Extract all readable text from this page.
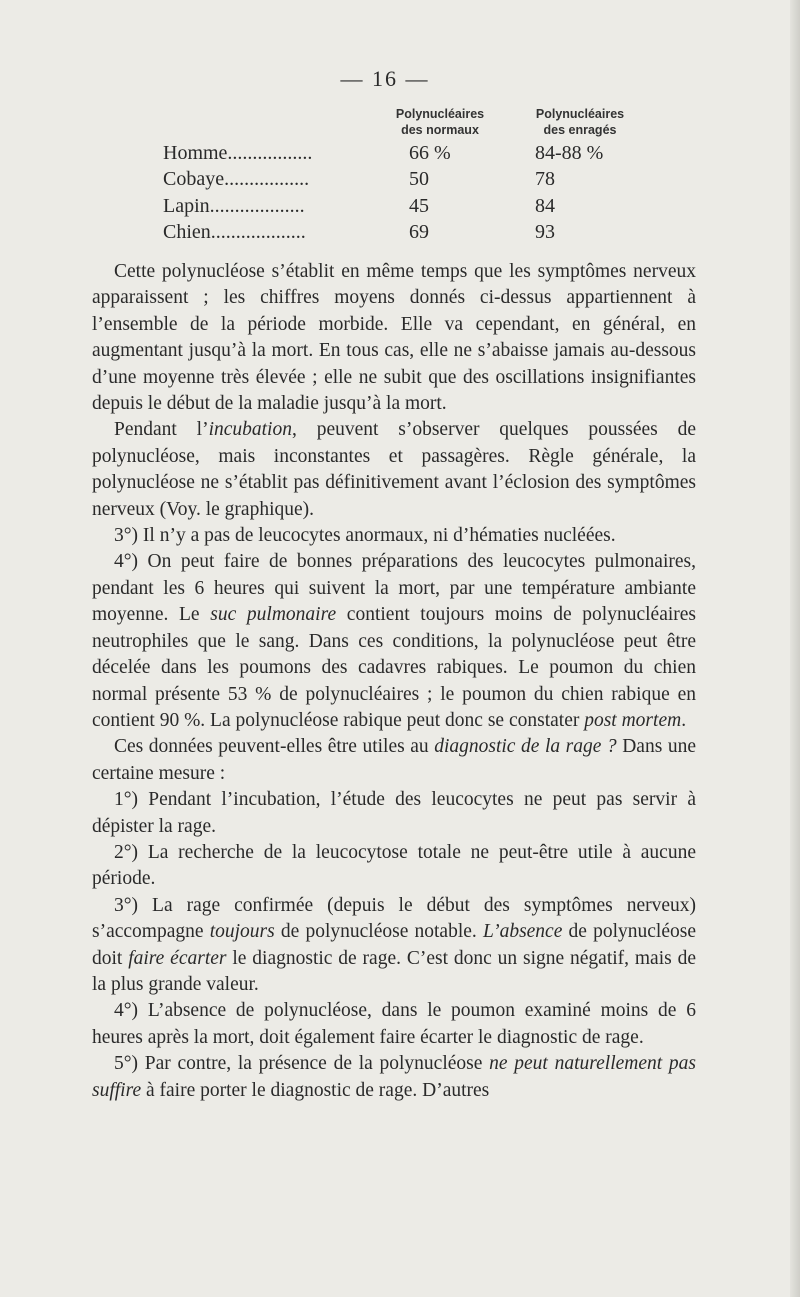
— 16 —
Polynucléaires
des normaux
Polynucléaires
des enragés
Homme.................	66 %	84-88 %
Cobaye.................	50	78
Lapin...................	45	84
Chien...................	69	93

Cette polynucléose s’établit en même temps que les symptômes nerveux apparaissent ; les chiffres moyens donnés ci-dessus appartiennent à l’ensemble de la période morbide. Elle va cependant, en général, en augmentant jusqu’à la mort. En tous cas, elle ne s’abaisse jamais au-dessous d’une moyenne très élevée ; elle ne subit que des oscillations insignifiantes depuis le début de la maladie jusqu’à la mort.

Pendant l’incubation, peuvent s’observer quelques poussées de polynucléose, mais inconstantes et passagères. Règle générale, la polynucléose ne s’établit pas définitivement avant l’éclosion des symptômes nerveux (Voy. le graphique).

3°) Il n’y a pas de leucocytes anormaux, ni d’hématies nucléées.

4°) On peut faire de bonnes préparations des leucocytes pulmonaires, pendant les 6 heures qui suivent la mort, par une température ambiante moyenne. Le suc pulmonaire contient toujours moins de polynucléaires neutrophiles que le sang. Dans ces conditions, la polynucléose peut être décelée dans les poumons des cadavres rabiques. Le poumon du chien normal présente 53 % de polynucléaires ; le poumon du chien rabique en contient 90 %. La polynucléose rabique peut donc se constater post mortem.

Ces données peuvent-elles être utiles au diagnostic de la rage ? Dans une certaine mesure :

1°) Pendant l’incubation, l’étude des leucocytes ne peut pas servir à dépister la rage.

2°) La recherche de la leucocytose totale ne peut-être utile à aucune période.

3°) La rage confirmée (depuis le début des symptômes nerveux) s’accompagne toujours de polynucléose notable. L’absence de polynucléose doit faire écarter le diagnostic de rage. C’est donc un signe négatif, mais de la plus grande valeur.

4°) L’absence de polynucléose, dans le poumon examiné moins de 6 heures après la mort, doit également faire écarter le diagnostic de rage.

5°) Par contre, la présence de la polynucléose ne peut naturellement pas suffire à faire porter le diagnostic de rage. D’autres
